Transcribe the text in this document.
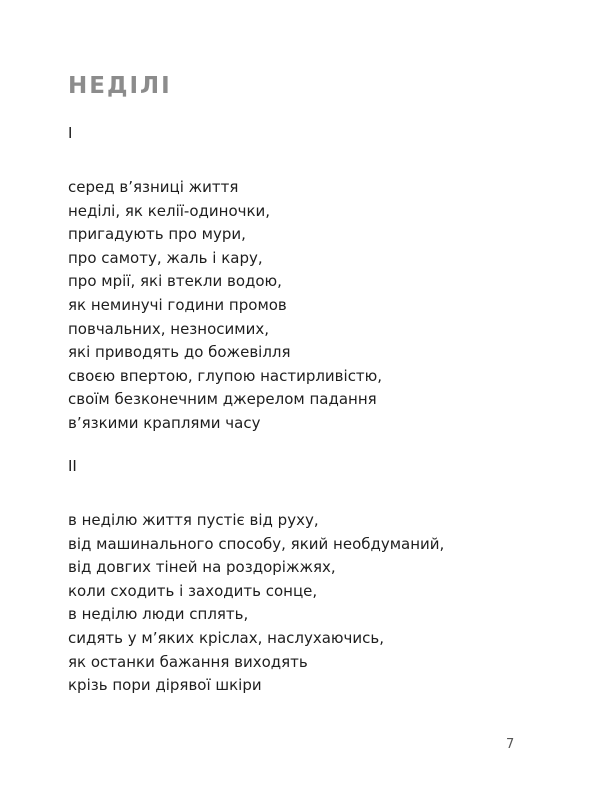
НЕДІЛІ

I

серед вʼязниці життя
неділі, як келії-одиночки,
пригадують про мури,
про самоту, жаль і кару,
про мрії, які втекли водою,
як неминучі години промов
повчальних, незносимих,
які приводять до божевілля
своєю впертою, глупою настирливістю,
своїм безконечним джерелом падання
вʼязкими краплями часу

II

в неділю життя пустіє від руху,
від машинального способу, який необдуманий,
від довгих тіней на роздоріжжях,
коли сходить і заходить сонце,
в неділю люди сплять,
сидять у мʼяких кріслах, наслухаючись,
як останки бажання виходять
крізь пори дірявої шкіри

7
